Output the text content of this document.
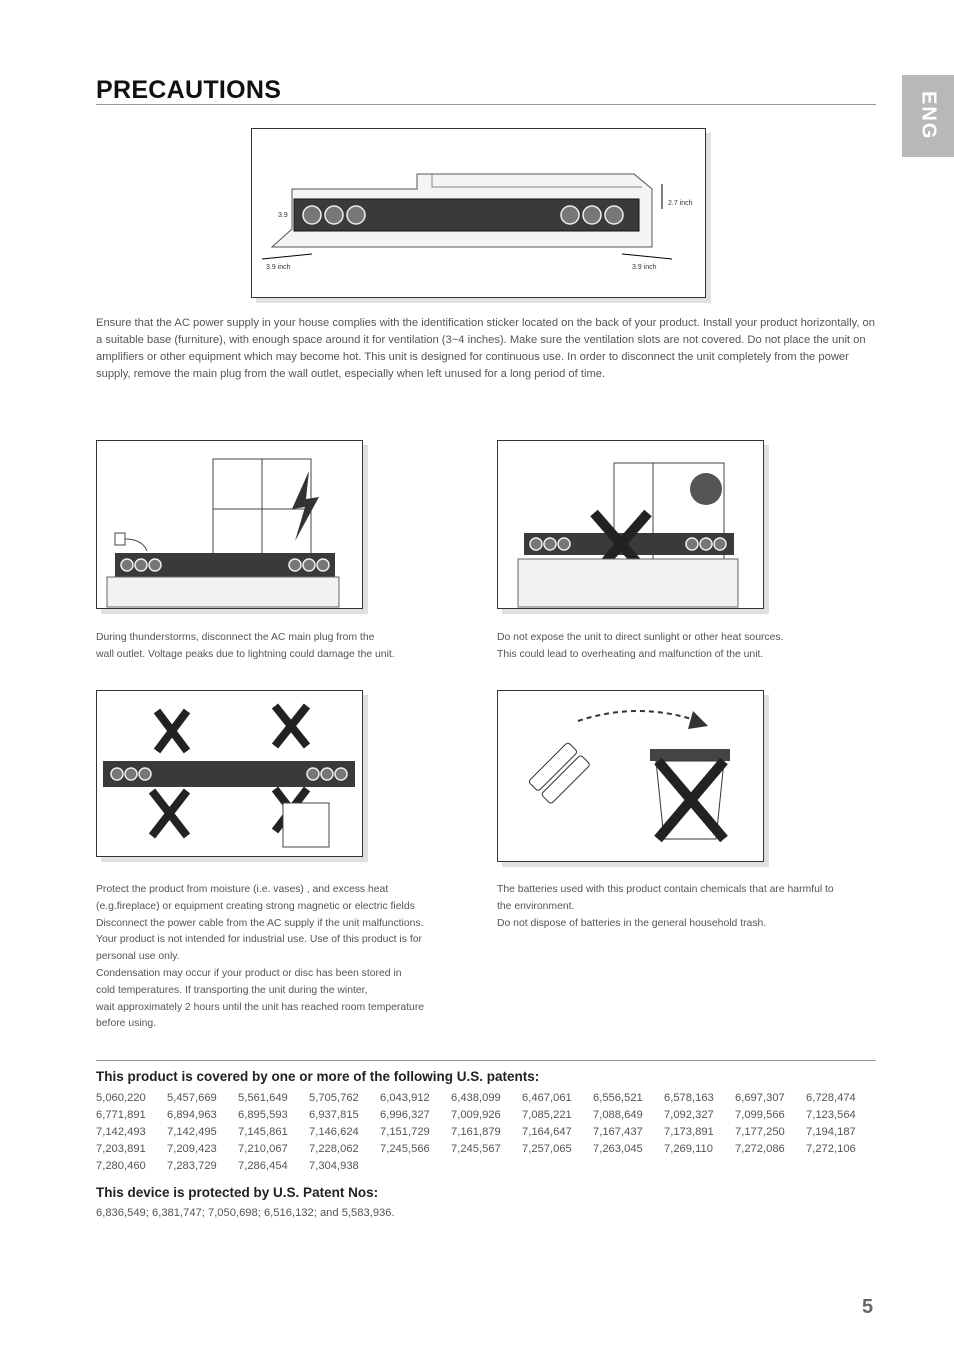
PRECAUTIONS
ENG
2.7 inch
3.9
3.9 inch	3.9 inch

Ensure that the AC power supply in your house complies with the identification sticker located on the back of your product. Install your product horizontally, on a suitable base (furniture), with enough space around it for ventilation (3~4 inches). Make sure the ventilation slots are not covered. Do not place the unit on amplifiers or other equipment which may become hot. This unit is designed for continuous use. In order to disconnect the unit completely from the power supply, remove the main plug from the wall outlet, especially when left unused for a long period of time.

During thunderstorms, disconnect the AC main plug from the
wall outlet. Voltage peaks due to lightning could damage the unit.

Do not expose the unit to direct sunlight or other heat sources.
This could lead to overheating and malfunction of the unit.

Protect the product from moisture (i.e. vases) , and excess heat

(e.g.fireplace) or equipment creating strong magnetic or electric fields

Disconnect the power cable from the AC supply if the unit malfunctions.

Your product is not intended for industrial use. Use of this product is for

personal use only.

Condensation may occur if your product or disc has been stored in

cold temperatures. If transporting the unit during the winter,

wait approximately 2 hours until the unit has reached room temperature

before using.

The batteries used with this product contain chemicals that are harmful to

the environment.

Do not dispose of batteries in the general household trash.

This product is covered by one or more of the following U.S. patents:

5,060,220	5,457,669	5,561,649	5,705,762	6,043,912	6,438,099	6,467,061	6,556,521	6,578,163	6,697,307	6,728,474
6,771,891	6,894,963	6,895,593	6,937,815	6,996,327	7,009,926	7,085,221	7,088,649	7,092,327	7,099,566	7,123,564
7,142,493	7,142,495	7,145,861	7,146,624	7,151,729	7,161,879	7,164,647	7,167,437	7,173,891	7,177,250	7,194,187
7,203,891	7,209,423	7,210,067	7,228,062	7,245,566	7,245,567	7,257,065	7,263,045	7,269,110	7,272,086	7,272,106
7,280,460	7,283,729	7,286,454	7,304,938

This device is protected by U.S. Patent Nos:

6,836,549; 6,381,747; 7,050,698; 6,516,132; and 5,583,936.
5
